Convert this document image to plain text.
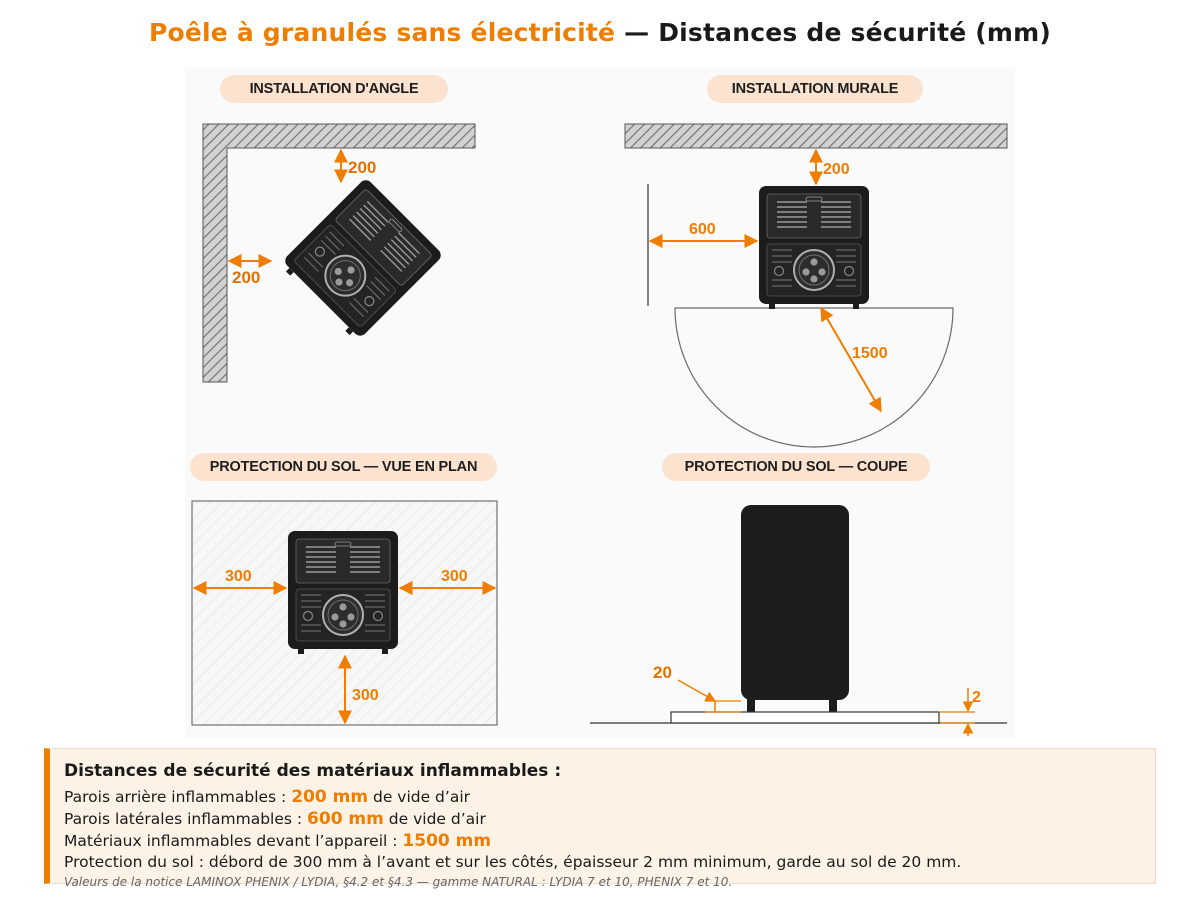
Poêle à granulés sans électricité — Distances de sécurité (mm)
INSTALLATION D'ANGLE	INSTALLATION MURALE
PROTECTION DU SOL — VUE EN PLAN	PROTECTION DU SOL — COUPE
200
200
200
600
1500
300	300
300
20
2
Distances de sécurité des matériaux inflammables :
Parois arrière inflammables : 200 mm de vide d’air
Parois latérales inflammables : 600 mm de vide d’air
Matériaux inflammables devant l’appareil : 1500 mm
Protection du sol : débord de 300 mm à l’avant et sur les côtés, épaisseur 2 mm minimum, garde au sol de 20 mm.
Valeurs de la notice LAMINOX PHENIX / LYDIA, §4.2 et §4.3 — gamme NATURAL : LYDIA 7 et 10, PHENIX 7 et 10.
